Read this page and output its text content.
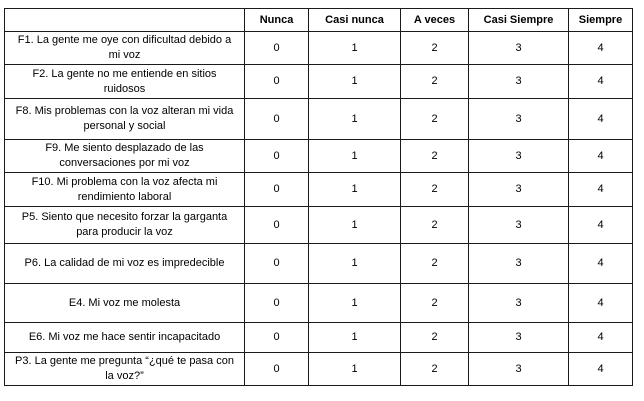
	Nunca	Casi nunca	A veces	Casi Siempre	Siempre
F1. La gente me oye con dificultad debido a mi voz	0	1	2	3	4
F2. La gente no me entiende en sitios ruidosos	0	1	2	3	4
F8. Mis problemas con la voz alteran mi vida personal y social	0	1	2	3	4
F9. Me siento desplazado de las conversaciones por mi voz	0	1	2	3	4
F10. Mi problema con la voz afecta mi rendimiento laboral	0	1	2	3	4
P5. Siento que necesito forzar la garganta para producir la voz	0	1	2	3	4
P6. La calidad de mi voz es impredecible	0	1	2	3	4
E4. Mi voz me molesta	0	1	2	3	4
E6. Mi voz me hace sentir incapacitado	0	1	2	3	4
P3. La gente me pregunta “¿qué te pasa con la voz?”	0	1	2	3	4
